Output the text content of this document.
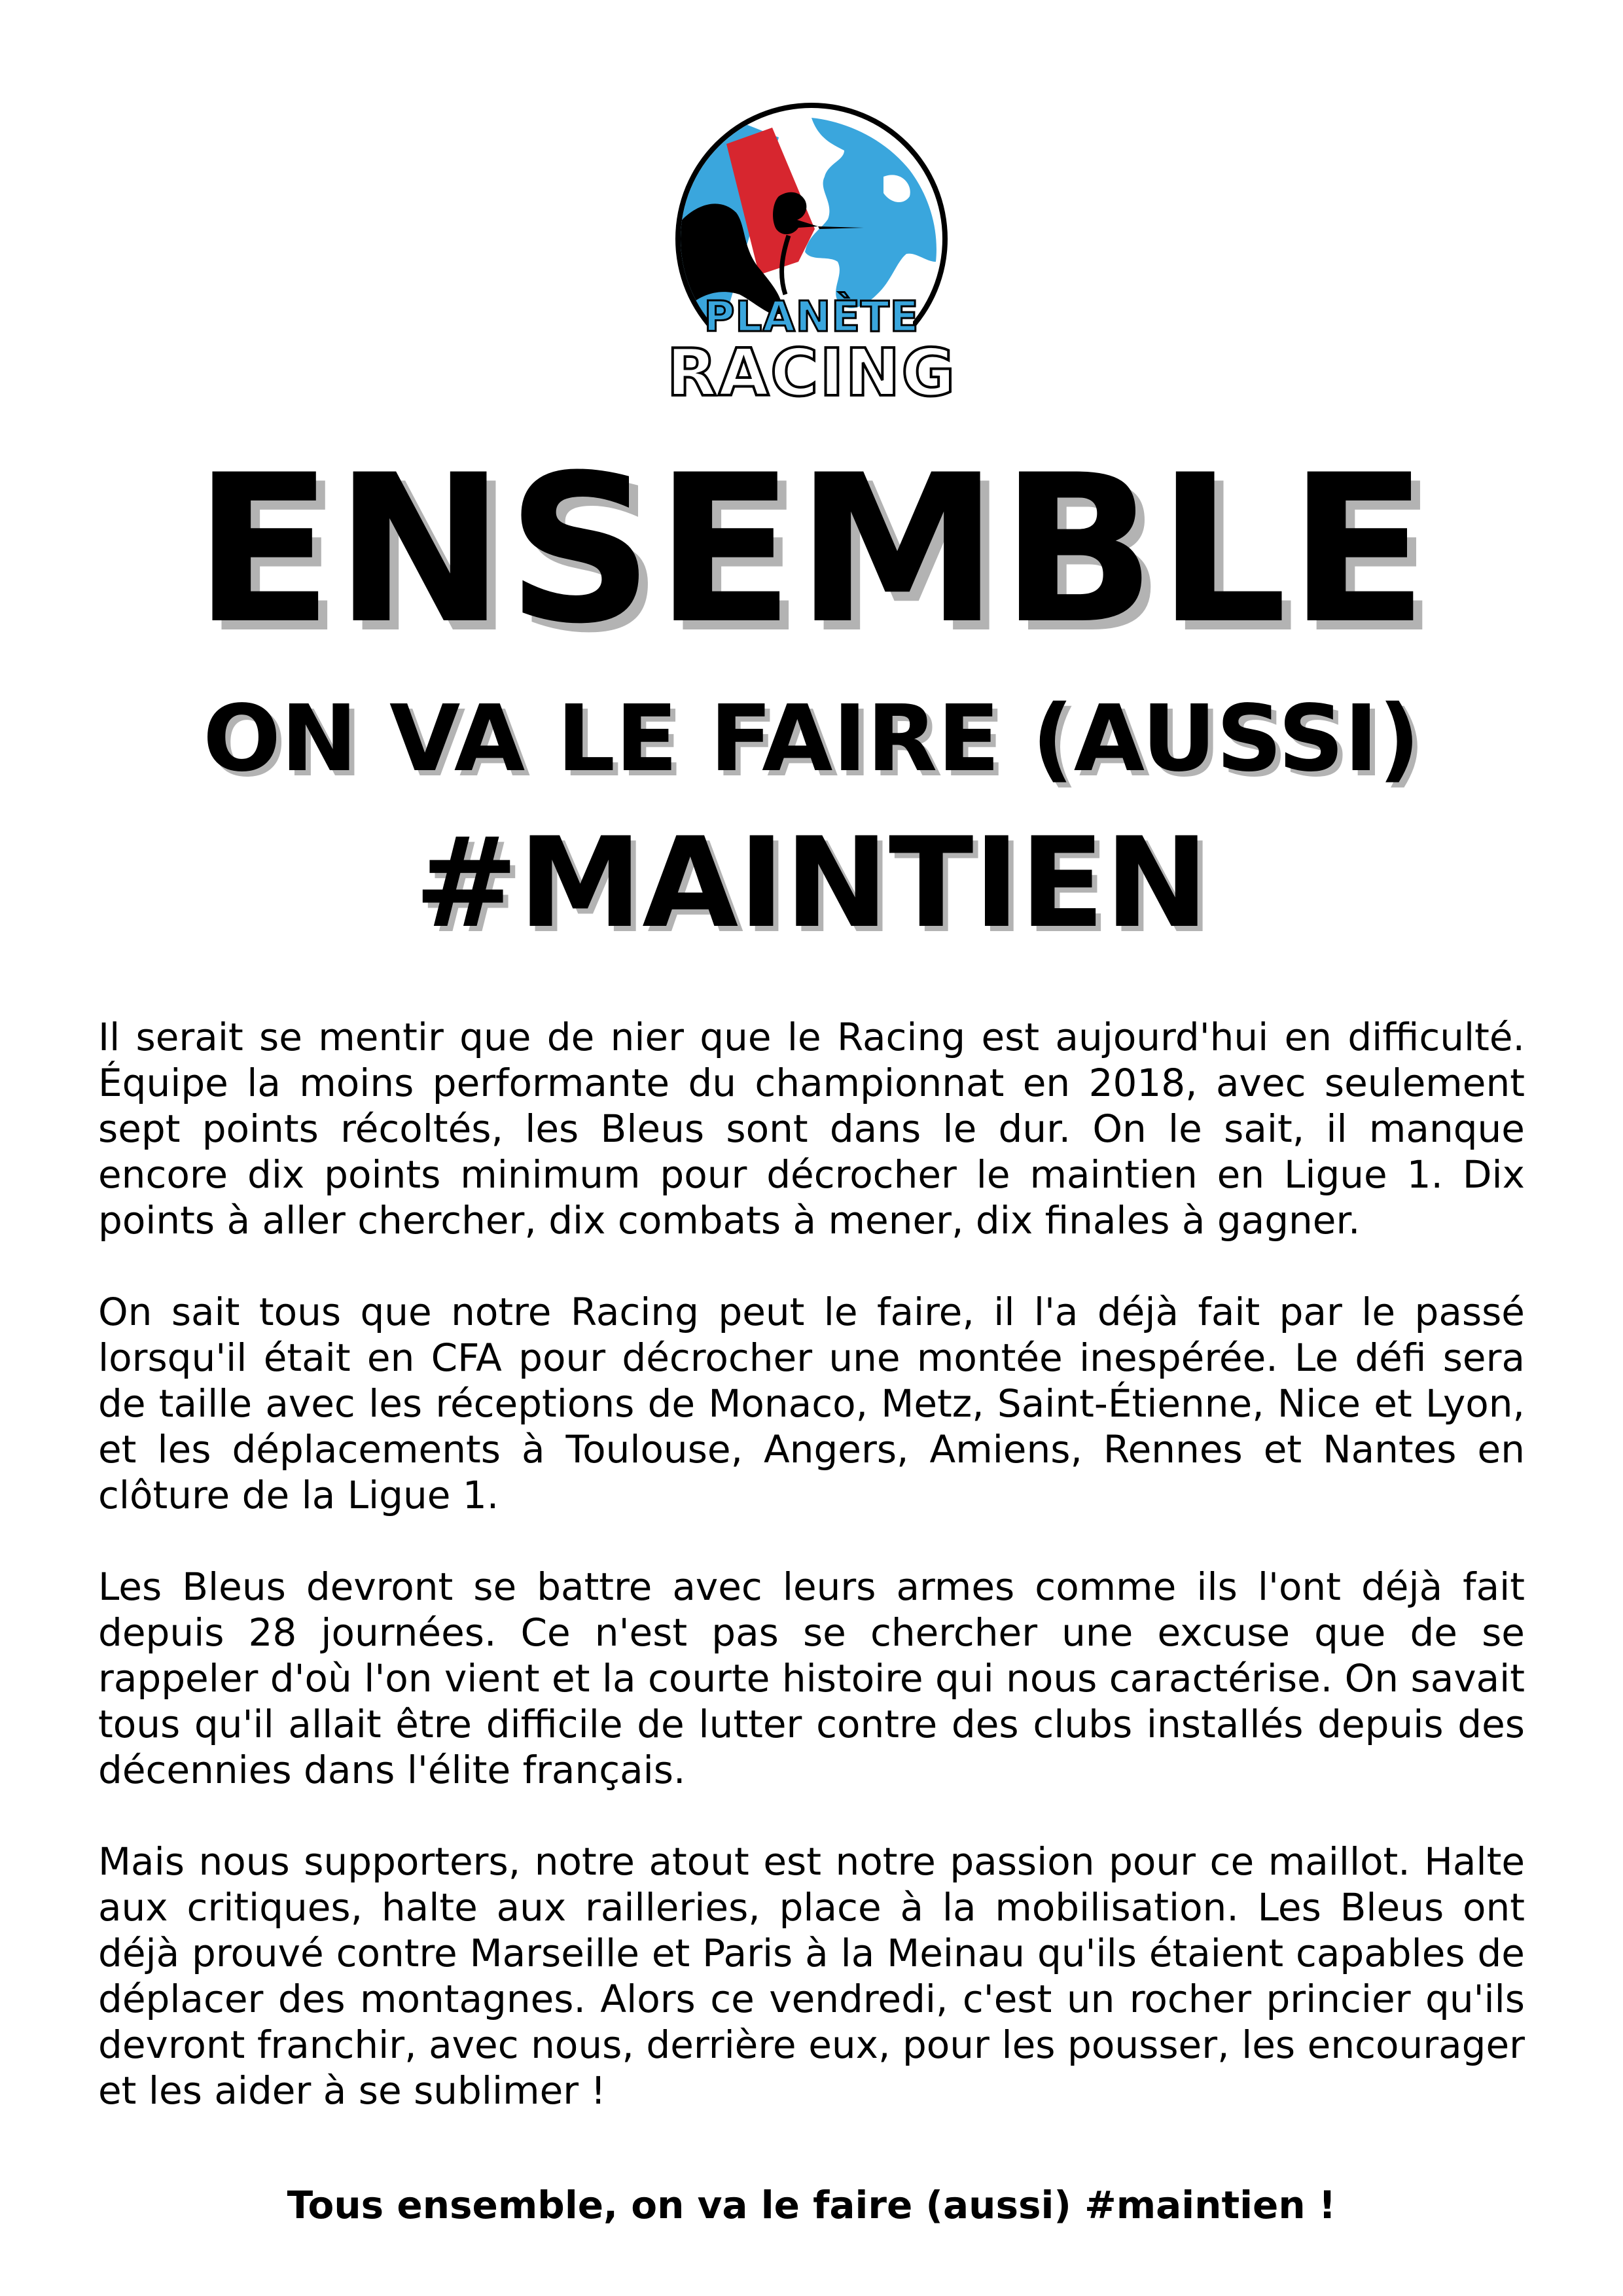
PLANÈTE
RACING
ENSEMBLE
ON VA LE FAIRE (AUSSI)
#MAINTIEN

Il serait se mentir que de nier que le Racing est aujourd'hui en difficulté. Équipe la moins performante du championnat en 2018, avec seulement sept points récoltés, les Bleus sont dans le dur. On le sait, il manque encore dix points minimum pour décrocher le maintien en Ligue 1. Dix points à aller chercher, dix combats à mener, dix finales à gagner.

On sait tous que notre Racing peut le faire, il l'a déjà fait par le passé lorsqu'il était en CFA pour décrocher une montée inespérée. Le défi sera de taille avec les réceptions de Monaco, Metz, Saint-Étienne, Nice et Lyon, et les déplacements à Toulouse, Angers, Amiens, Rennes et Nantes en clôture de la Ligue 1.

Les Bleus devront se battre avec leurs armes comme ils l'ont déjà fait depuis 28 journées. Ce n'est pas se chercher une excuse que de se rappeler d'où l'on vient et la courte histoire qui nous caractérise. On savait tous qu'il allait être difficile de lutter contre des clubs installés depuis des décennies dans l'élite français.

Mais nous supporters, notre atout est notre passion pour ce maillot. Halte aux critiques, halte aux railleries, place à la mobilisation. Les Bleus ont déjà prouvé contre Marseille et Paris à la Meinau qu'ils étaient capables de déplacer des montagnes. Alors ce vendredi, c'est un rocher princier qu'ils devront franchir, avec nous, derrière eux, pour les pousser, les encourager et les aider à se sublimer !

Tous ensemble, on va le faire (aussi) #maintien !
